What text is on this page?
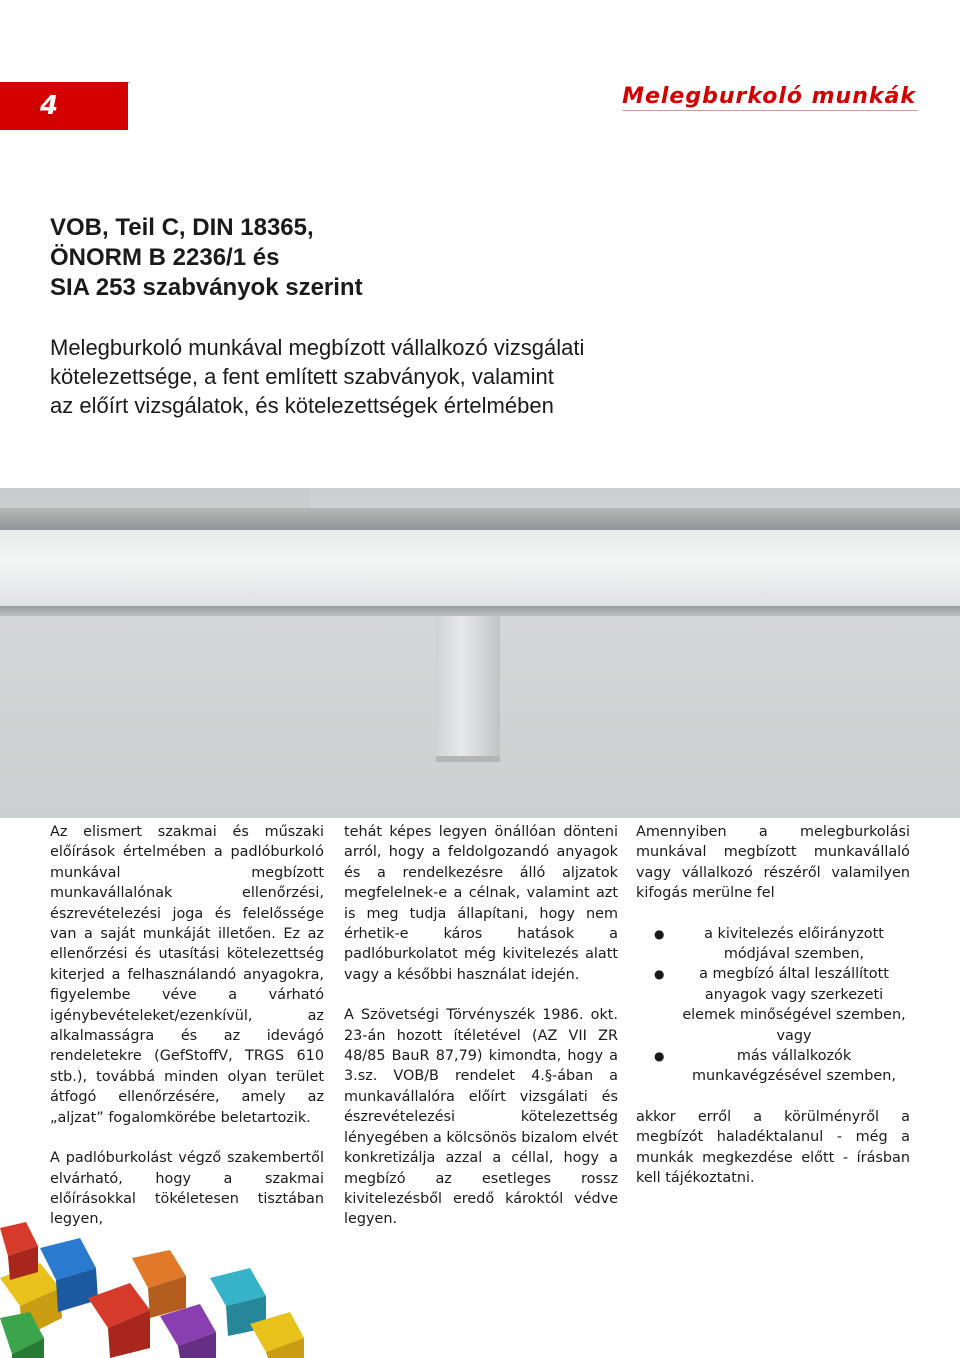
4	Melegburkoló munkák
VOB, Teil C, DIN 18365,
ÖNORM B 2236/1 és
SIA 253 szabványok szerint
Melegburkoló munkával megbízott vállalkozó vizsgálati
kötelezettsége, a fent említett szabványok, valamint
az előírt vizsgálatok, és kötelezettségek értelmében

Az elismert szakmai és műszaki előírások értelmében a padlóburkoló munkával megbízott munkavállalónak ellenőrzési, észrevételezési joga és felelőssége van a saját munkáját illetően. Ez az ellenőrzési és utasítási kötelezettség kiterjed a felhasználandó anyagokra, figyelembe véve a várható igénybevételeket/ezenkívül, az alkalmasságra és az idevágó rendeletekre (GefStoffV, TRGS 610 stb.), továbbá minden olyan terület átfogó ellenőrzésére, amely az „aljzat” fogalomkörébe beletartozik.

A padlóburkolást végző szakembertől elvárható, hogy a szakmai előírásokkal tökéletesen tisztában legyen,

tehát képes legyen önállóan dönteni arról, hogy a feldolgozandó anyagok és a rendelkezésre álló aljzatok megfelelnek-e a célnak, valamint azt is meg tudja állapítani, hogy nem érhetik-e káros hatások a padlóburkolatot még kivitelezés alatt vagy a későbbi használat idején.

A Szövetségi Törvényszék 1986. okt. 23-án hozott ítéletével (AZ VII ZR 48/85 BauR 87,79) kimondta, hogy a 3.sz. VOB/B rendelet 4.§-ában a munkavállalóra előírt vizsgálati és észrevételezési kötelezettség lényegében a kölcsönös bizalom elvét konkretizálja azzal a céllal, hogy a megbízó az esetleges rossz kivitelezésből eredő károktól védve legyen.

Amennyiben a melegburkolási munkával megbízott munkavállaló vagy vállalkozó részéről valamilyen kifogás merülne fel

● a kivitelezés előirányzott módjával szemben,
● a megbízó által leszállított anyagok vagy szerkezeti elemek minőségével szemben, vagy
● más vállalkozók munkavégzésével szemben,

akkor erről a körülményről a megbízót haladéktalanul - még a munkák megkezdése előtt - írásban kell tájékoztatni.
